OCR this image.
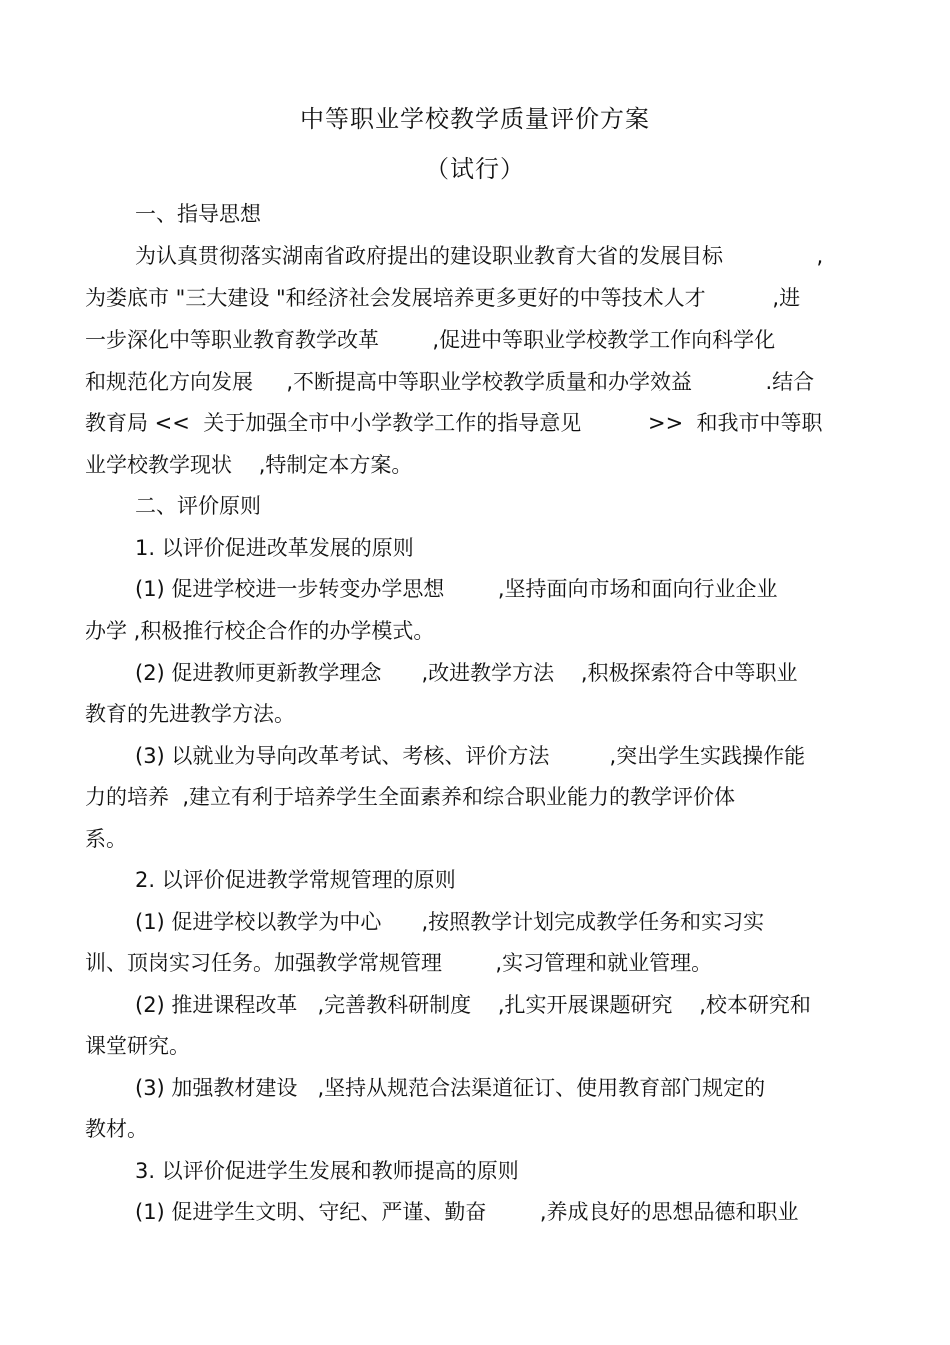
中等职业学校教学质量评价方案
（试行）
一、指导思想
为认真贯彻落实湖南省政府提出的建设职业教育大省的发展目标              ,
为娄底市 "三大建设 "和经济社会发展培养更多更好的中等技术人才          ,进
一步深化中等职业教育教学改革        ,促进中等职业学校教学工作向科学化
和规范化方向发展     ,不断提高中等职业学校教学质量和办学效益           .结合
教育局 <<  关于加强全市中小学教学工作的指导意见          >>  和我市中等职
业学校教学现状    ,特制定本方案。
二、评价原则
1. 以评价促进改革发展的原则
(1) 促进学校进一步转变办学思想        ,坚持面向市场和面向行业企业
办学 ,积极推行校企合作的办学模式。
(2) 促进教师更新教学理念      ,改进教学方法    ,积极探索符合中等职业
教育的先进教学方法。
(3) 以就业为导向改革考试、考核、评价方法         ,突出学生实践操作能
力的培养  ,建立有利于培养学生全面素养和综合职业能力的教学评价体
系。
2. 以评价促进教学常规管理的原则
(1) 促进学校以教学为中心      ,按照教学计划完成教学任务和实习实
训、顶岗实习任务。加强教学常规管理        ,实习管理和就业管理。
(2) 推进课程改革   ,完善教科研制度    ,扎实开展课题研究    ,校本研究和
课堂研究。
(3) 加强教材建设   ,坚持从规范合法渠道征订、使用教育部门规定的
教材。
3. 以评价促进学生发展和教师提高的原则
(1) 促进学生文明、守纪、严谨、勤奋        ,养成良好的思想品德和职业
